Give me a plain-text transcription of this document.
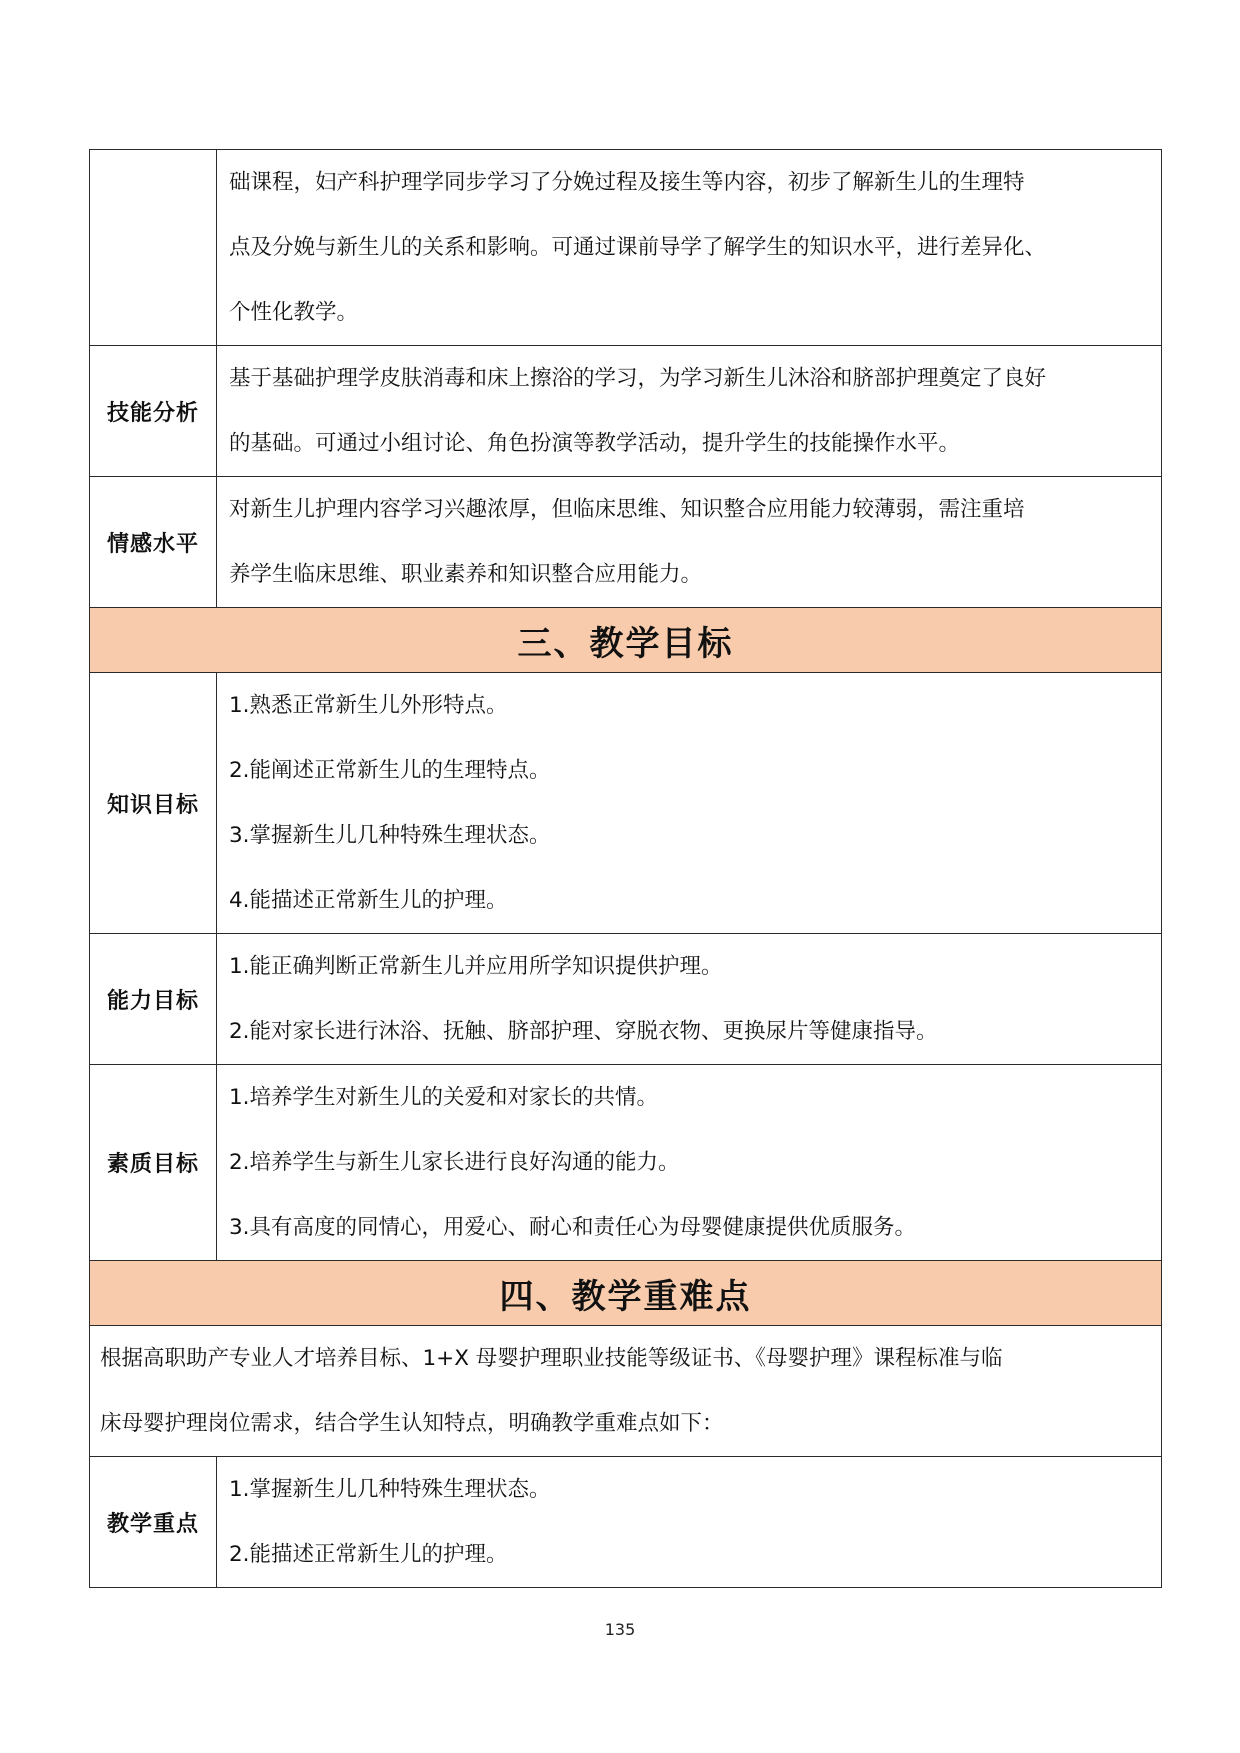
	础课程，妇产科护理学同步学习了分娩过程及接生等内容，初步了解新生儿的生理特
点及分娩与新生儿的关系和影响。可通过课前导学了解学生的知识水平，进行差异化、
个性化教学。

技能分析	基于基础护理学皮肤消毒和床上擦浴的学习，为学习新生儿沐浴和脐部护理奠定了良好
的基础。可通过小组讨论、角色扮演等教学活动，提升学生的技能操作水平。

情感水平	对新生儿护理内容学习兴趣浓厚，但临床思维、知识整合应用能力较薄弱，需注重培
养学生临床思维、职业素养和知识整合应用能力。

三、教学目标	
知识目标	1.熟悉正常新生儿外形特点。
2.能阐述正常新生儿的生理特点。
3.掌握新生儿几种特殊生理状态。
4.能描述正常新生儿的护理。

能力目标	1.能正确判断正常新生儿并应用所学知识提供护理。
2.能对家长进行沐浴、抚触、脐部护理、穿脱衣物、更换尿片等健康指导。

素质目标	1.培养学生对新生儿的关爱和对家长的共情。
2.培养学生与新生儿家长进行良好沟通的能力。
3.具有高度的同情心，用爱心、耐心和责任心为母婴健康提供优质服务。

四、教学重难点	

根据高职助产专业人才培养目标、1+X 母婴护理职业技能等级证书、《母婴护理》课程标准与临
床母婴护理岗位需求，结合学生认知特点，明确教学重难点如下：	

教学重点	1.掌握新生儿几种特殊生理状态。
2.能描述正常新生儿的护理。
135
